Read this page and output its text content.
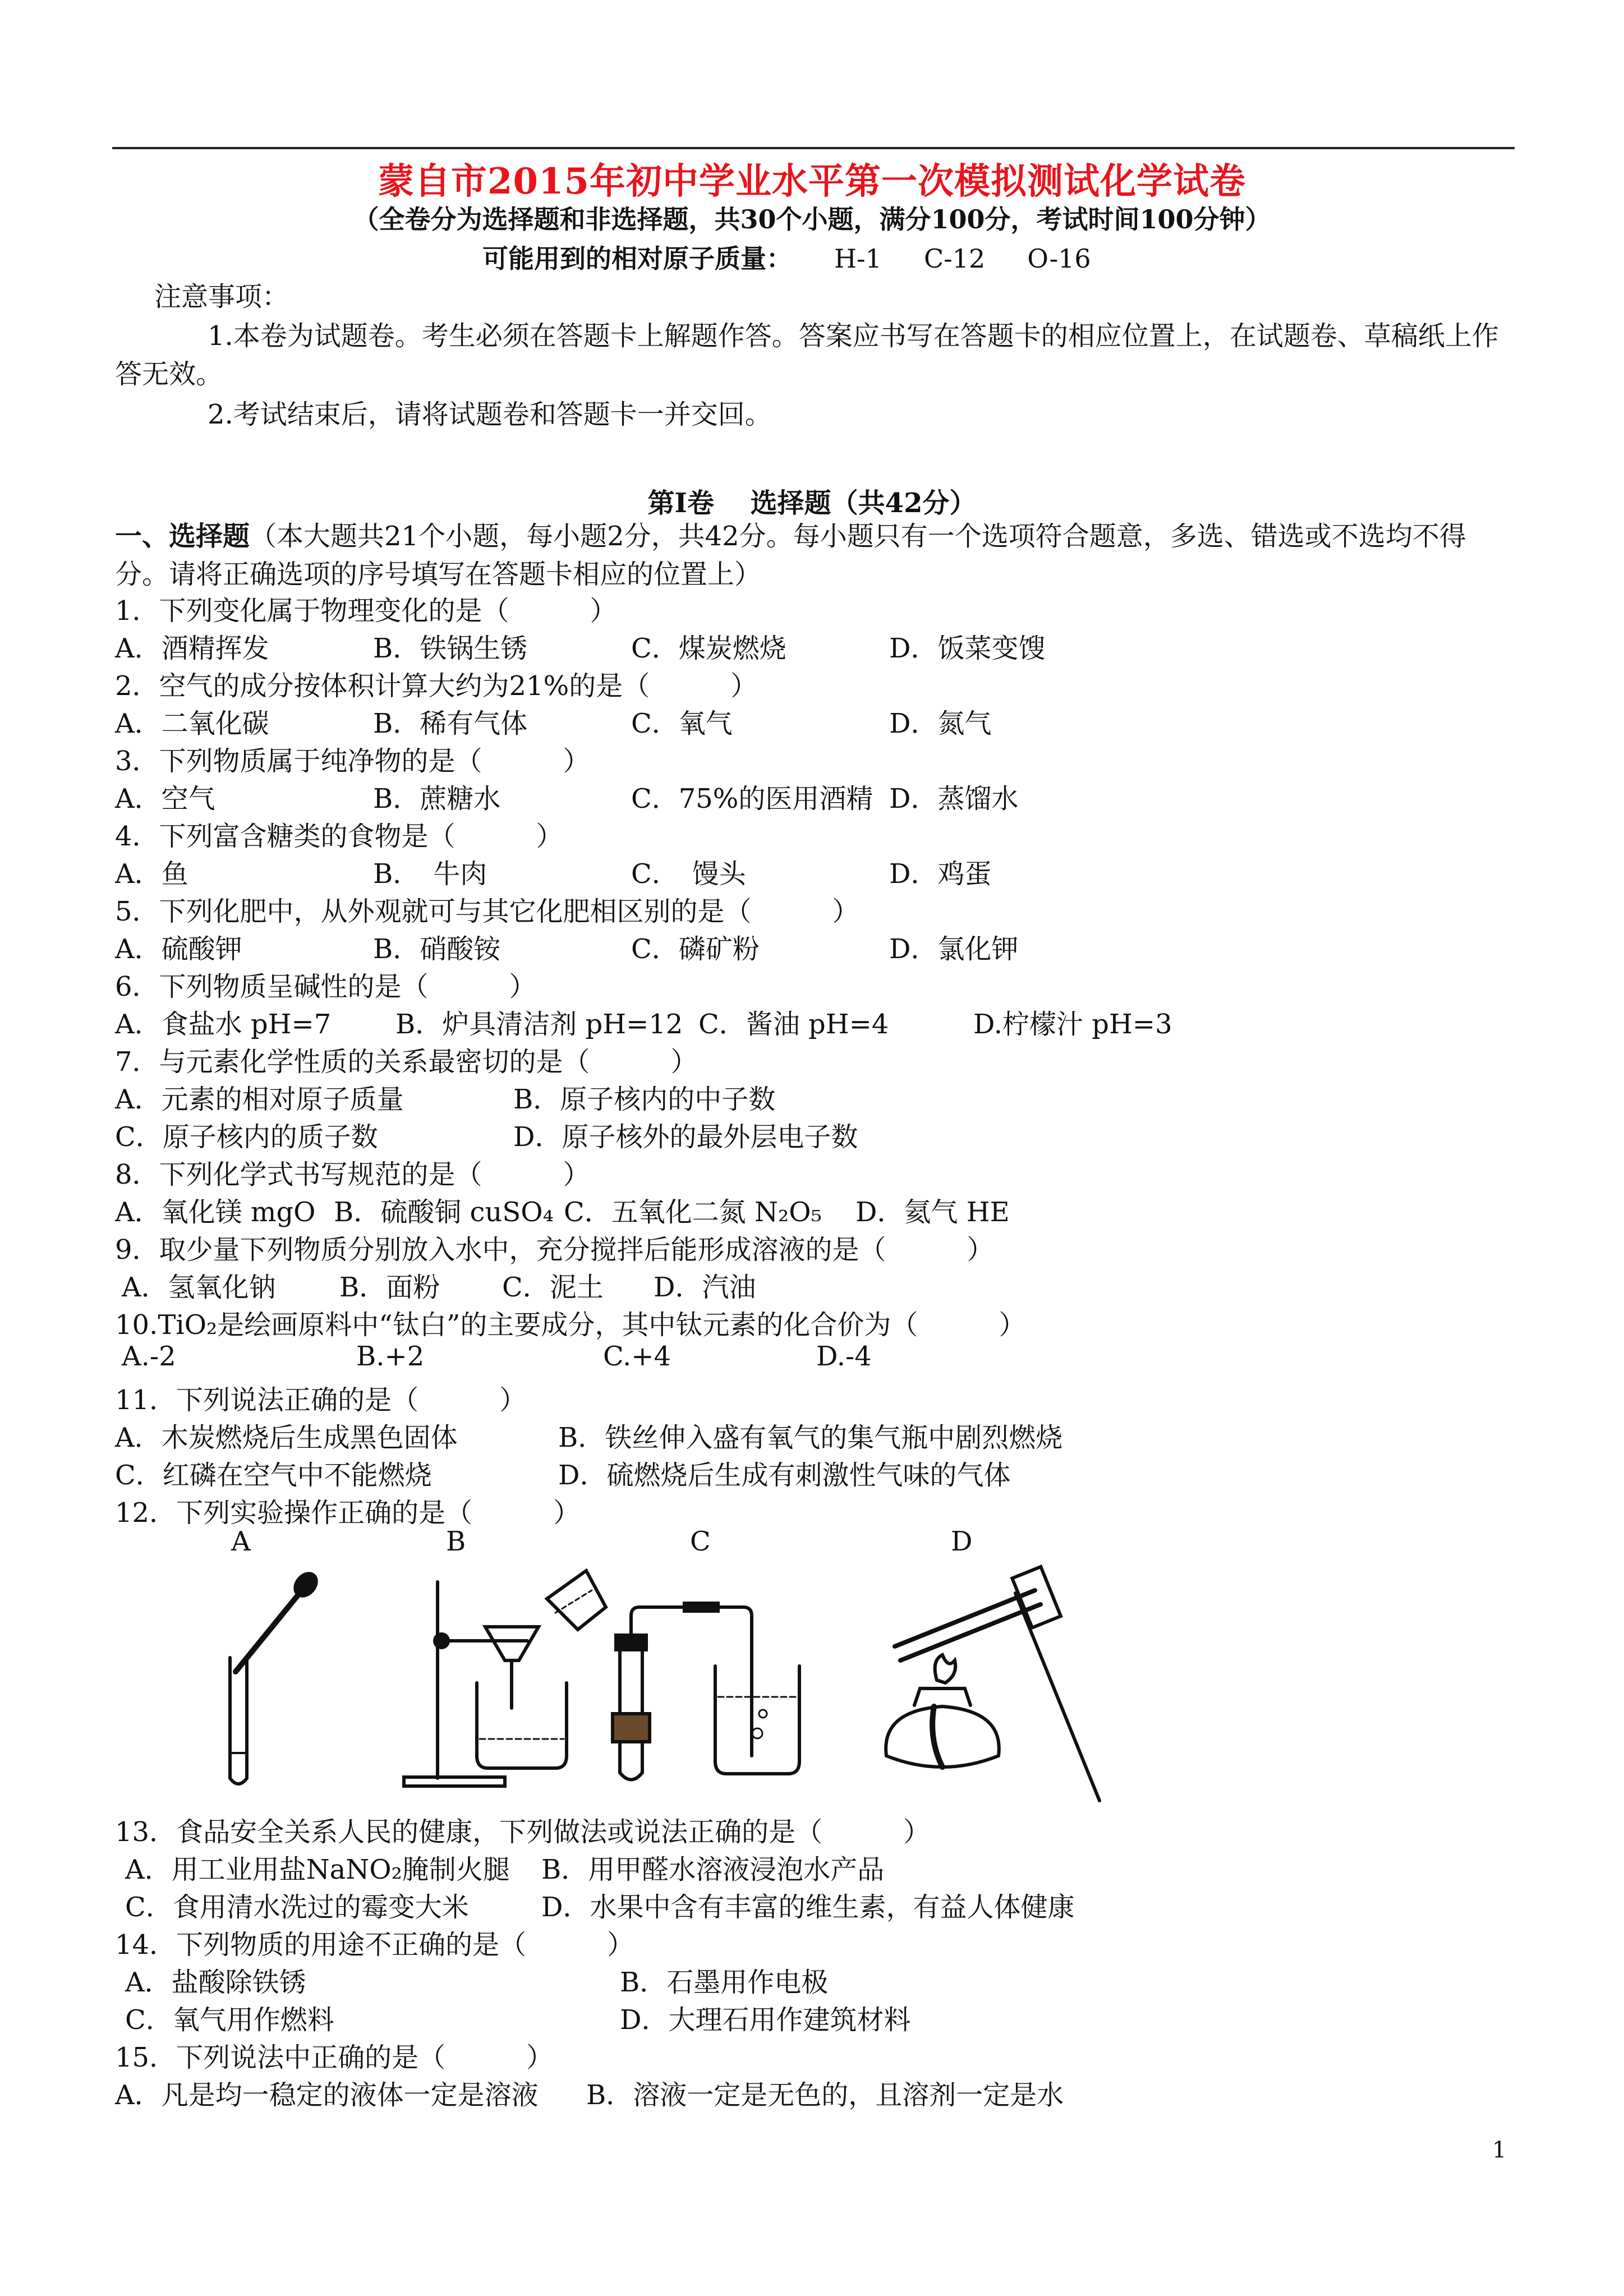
蒙自市2015年初中学业水平第一次模拟测试化学试卷
（全卷分为选择题和非选择题，共30个小题，满分100分，考试时间100分钟）
可能用到的相对原子质量： H-1 C-12 O-16
注意事项：
1.本卷为试题卷。考生必须在答题卡上解题作答。答案应书写在答题卡的相应位置上，在试题卷、草稿纸上作答无效。
2.考试结束后，请将试题卷和答题卡一并交回。
第Ⅰ卷　 选择题（共42分）
一、选择题（本大题共21个小题，每小题2分，共42分。每小题只有一个选项符合题意，多选、错选或不选均不得分。请将正确选项的序号填写在答题卡相应的位置上）
1．下列变化属于物理变化的是（　　　）
A．酒精挥发	B．铁锅生锈	C．煤炭燃烧	D．饭菜变馊
2．空气的成分按体积计算大约为21%的是（　　　）
A．二氧化碳	B．稀有气体	C．氧气	D．氮气
3．下列物质属于纯净物的是（　　　）
A．空气	B．蔗糖水	C．75%的医用酒精 D．蒸馏水
4．下列富含糖类的食物是（　　　）
A．鱼	B．　牛肉	C．　馒头	D．鸡蛋
5．下列化肥中，从外观就可与其它化肥相区别的是（　　　）
A．硫酸钾	B．硝酸铵	C．磷矿粉	D．氯化钾
6．下列物质呈碱性的是（　　　）
A．食盐水 pH=7 B．炉具清洁剂 pH=12 C．酱油 pH=4	D.柠檬汁 pH=3
7．与元素化学性质的关系最密切的是（　　　）
A．元素的相对原子质量	B．原子核内的中子数
C．原子核内的质子数	D．原子核外的最外层电子数
8．下列化学式书写规范的是（　　　）
A．氧化镁 mgO B．硫酸铜 cuSO₄ C．五氧化二氮 N₂O₅ D．氦气 HE
9．取少量下列物质分别放入水中，充分搅拌后能形成溶液的是（　　　）
A．氢氧化钠 B．面粉 C．泥土 D．汽油
10.TiO₂是绘画原料中“钛白”的主要成分，其中钛元素的化合价为（　　　）
A.-2	B.+2	C.+4	D.-4
11．下列说法正确的是（　　　）
A．木炭燃烧后生成黑色固体	B．铁丝伸入盛有氧气的集气瓶中剧烈燃烧
C．红磷在空气中不能燃烧	D．硫燃烧后生成有刺激性气味的气体
12．下列实验操作正确的是（　　　）
13．食品安全关系人民的健康，下列做法或说法正确的是（　　　）
A．用工业用盐NaNO₂腌制火腿 B．用甲醛水溶液浸泡水产品
C．食用清水洗过的霉变大米	D．水果中含有丰富的维生素，有益人体健康
14．下列物质的用途不正确的是（　　　）
A．盐酸除铁锈	B．石墨用作电极
C．氧气用作燃料	D．大理石用作建筑材料
15．下列说法中正确的是（　　　）
A．凡是均一稳定的液体一定是溶液 B．溶液一定是无色的，且溶剂一定是水
A	B	C	D
1
